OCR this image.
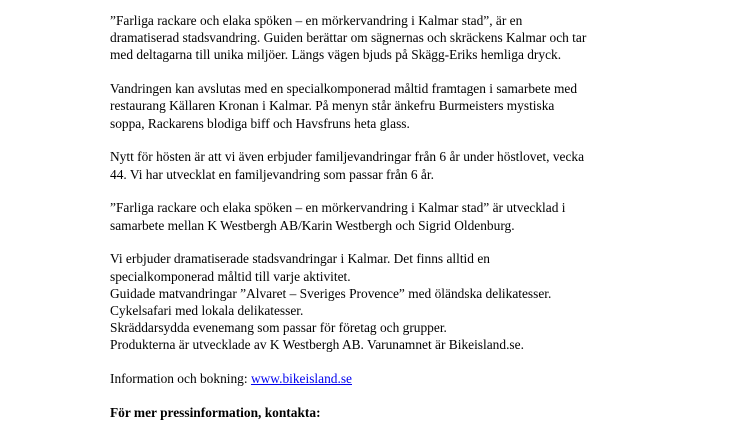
”Farliga rackare och elaka spöken – en mörkervandring i Kalmar stad”, är en
dramatiserad stadsvandring. Guiden berättar om sägnernas och skräckens Kalmar och tar
med deltagarna till unika miljöer. Längs vägen bjuds på Skägg-Eriks hemliga dryck.

Vandringen kan avslutas med en specialkomponerad måltid framtagen i samarbete med
restaurang Källaren Kronan i Kalmar. På menyn står änkefru Burmeisters mystiska
soppa, Rackarens blodiga biff och Havsfruns heta glass.

Nytt för hösten är att vi även erbjuder familjevandringar från 6 år under höstlovet, vecka
44. Vi har utvecklat en familjevandring som passar från 6 år.

”Farliga rackare och elaka spöken – en mörkervandring i Kalmar stad” är utvecklad i
samarbete mellan K Westbergh AB/Karin Westbergh och Sigrid Oldenburg.

Vi erbjuder dramatiserade stadsvandringar i Kalmar. Det finns alltid en
specialkomponerad måltid till varje aktivitet.
Guidade matvandringar ”Alvaret – Sveriges Provence” med öländska delikatesser.
Cykelsafari med lokala delikatesser.
Skräddarsydda evenemang som passar för företag och grupper.
Produkterna är utvecklade av K Westbergh AB. Varunamnet är Bikeisland.se.

Information och bokning: www.bikeisland.se

För mer pressinformation, kontakta:
